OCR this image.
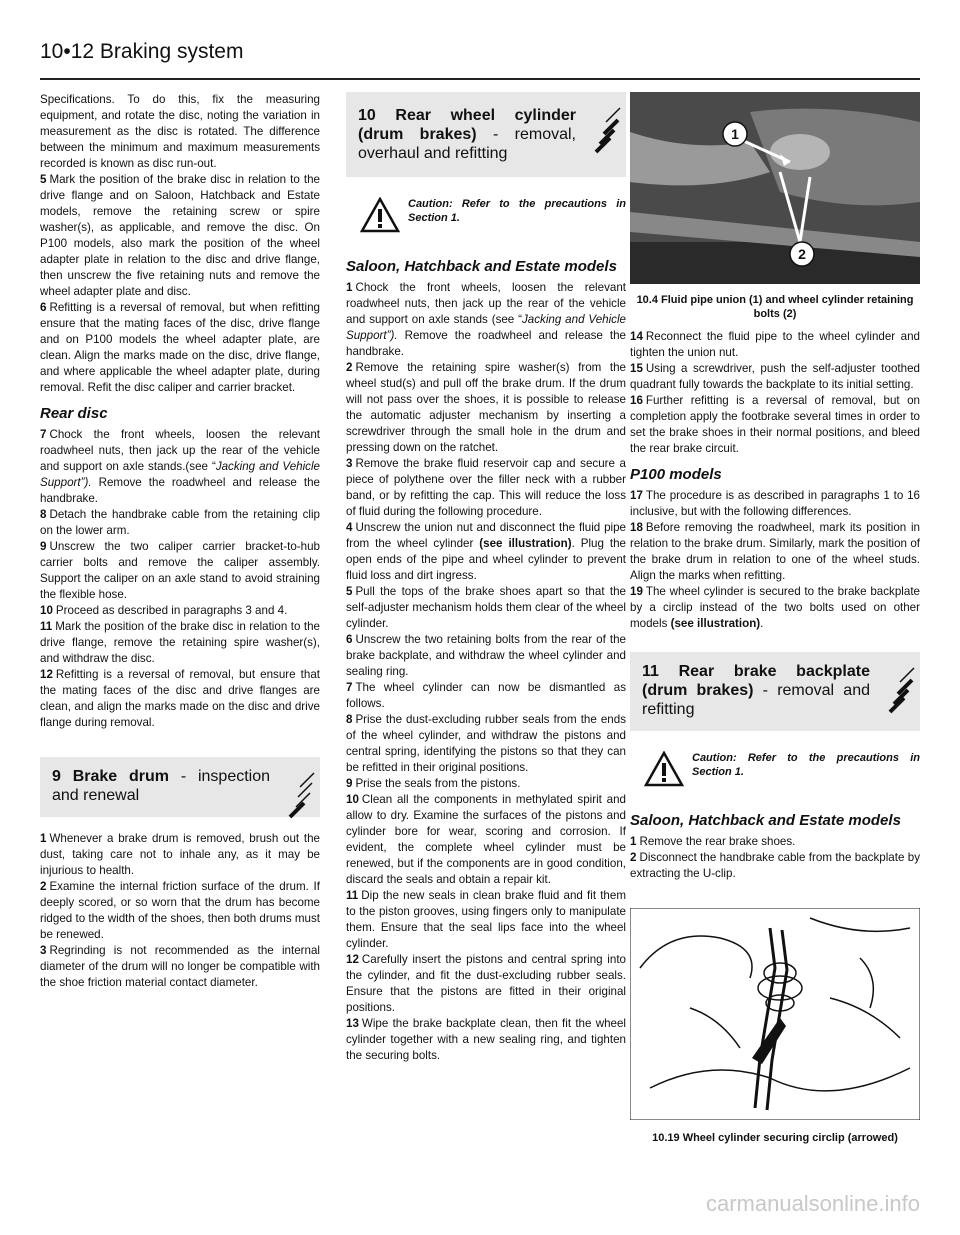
10•12 Braking system

Specifications. To do this, fix the measuring equipment, and rotate the disc, noting the variation in measurement as the disc is rotated. The difference between the minimum and maximum measurements recorded is known as disc run-out.

5 Mark the position of the brake disc in relation to the drive flange and on Saloon, Hatchback and Estate models, remove the retaining screw or spire washer(s), as applicable, and remove the disc. On P100 models, also mark the position of the wheel adapter plate in relation to the disc and drive flange, then unscrew the five retaining nuts and remove the wheel adapter plate and disc.

6 Refitting is a reversal of removal, but when refitting ensure that the mating faces of the disc, drive flange and on P100 models the wheel adapter plate, are clean. Align the marks made on the disc, drive flange, and where applicable the wheel adapter plate, during removal. Refit the disc caliper and carrier bracket.

Rear disc

7 Chock the front wheels, loosen the relevant roadwheel nuts, then jack up the rear of the vehicle and support on axle stands.(see “Jacking and Vehicle Support”). Remove the roadwheel and release the handbrake.

8 Detach the handbrake cable from the retaining clip on the lower arm.

9 Unscrew the two caliper carrier bracket-to-hub carrier bolts and remove the caliper assembly. Support the caliper on an axle stand to avoid straining the flexible hose.

10 Proceed as described in paragraphs 3 and 4.

11 Mark the position of the brake disc in relation to the drive flange, remove the retaining spire washer(s), and withdraw the disc.

12 Refitting is a reversal of removal, but ensure that the mating faces of the disc and drive flanges are clean, and align the marks made on the disc and drive flange during removal.

9 Brake drum - inspection and renewal

1 Whenever a brake drum is removed, brush out the dust, taking care not to inhale any, as it may be injurious to health.

2 Examine the internal friction surface of the drum. If deeply scored, or so worn that the drum has become ridged to the width of the shoes, then both drums must be renewed.

3 Regrinding is not recommended as the internal diameter of the drum will no longer be compatible with the shoe friction material contact diameter.

10 Rear wheel cylinder (drum brakes) - removal, overhaul and refitting
Caution: Refer to the precautions in Section 1.
Saloon, Hatchback and Estate models

1 Chock the front wheels, loosen the relevant roadwheel nuts, then jack up the rear of the vehicle and support on axle stands (see “Jacking and Vehicle Support”). Remove the roadwheel and release the handbrake.

2 Remove the retaining spire washer(s) from the wheel stud(s) and pull off the brake drum. If the drum will not pass over the shoes, it is possible to release the automatic adjuster mechanism by inserting a screwdriver through the small hole in the drum and pressing down on the ratchet.

3 Remove the brake fluid reservoir cap and secure a piece of polythene over the filler neck with a rubber band, or by refitting the cap. This will reduce the loss of fluid during the following procedure.

4 Unscrew the union nut and disconnect the fluid pipe from the wheel cylinder (see illustration). Plug the open ends of the pipe and wheel cylinder to prevent fluid loss and dirt ingress.

5 Pull the tops of the brake shoes apart so that the self-adjuster mechanism holds them clear of the wheel cylinder.

6 Unscrew the two retaining bolts from the rear of the brake backplate, and withdraw the wheel cylinder and sealing ring.

7 The wheel cylinder can now be dismantled as follows.

8 Prise the dust-excluding rubber seals from the ends of the wheel cylinder, and withdraw the pistons and central spring, identifying the pistons so that they can be refitted in their original positions.

9 Prise the seals from the pistons.

10 Clean all the components in methylated spirit and allow to dry. Examine the surfaces of the pistons and cylinder bore for wear, scoring and corrosion. If evident, the complete wheel cylinder must be renewed, but if the components are in good condition, discard the seals and obtain a repair kit.

11 Dip the new seals in clean brake fluid and fit them to the piston grooves, using fingers only to manipulate them. Ensure that the seal lips face into the wheel cylinder.

12 Carefully insert the pistons and central spring into the cylinder, and fit the dust-excluding rubber seals. Ensure that the pistons are fitted in their original positions.

13 Wipe the brake backplate clean, then fit the wheel cylinder together with a new sealing ring, and tighten the securing bolts.

1
2
10.4 Fluid pipe union (1) and wheel cylinder retaining bolts (2)

14 Reconnect the fluid pipe to the wheel cylinder and tighten the union nut.

15 Using a screwdriver, push the self-adjuster toothed quadrant fully towards the backplate to its initial setting.

16 Further refitting is a reversal of removal, but on completion apply the footbrake several times in order to set the brake shoes in their normal positions, and bleed the rear brake circuit.

P100 models

17 The procedure is as described in paragraphs 1 to 16 inclusive, but with the following differences.

18 Before removing the roadwheel, mark its position in relation to the brake drum. Similarly, mark the position of the brake drum in relation to one of the wheel studs. Align the marks when refitting.

19 The wheel cylinder is secured to the brake backplate by a circlip instead of the two bolts used on other models (see illustration).

11 Rear brake backplate (drum brakes) - removal and refitting
Caution: Refer to the precautions in Section 1.
Saloon, Hatchback and Estate models

1 Remove the rear brake shoes.

2 Disconnect the handbrake cable from the backplate by extracting the U-clip.

10.19 Wheel cylinder securing circlip (arrowed)
carmanualsonline.info
